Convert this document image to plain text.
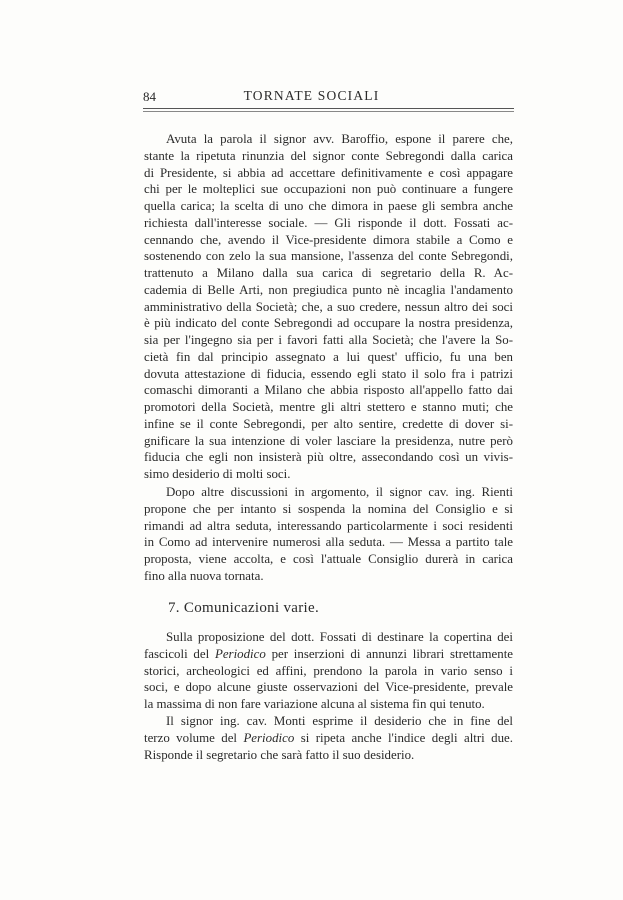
84	TORNATE SOCIALI
7. Comunicazioni varie.
Avuta la parola il signor avv. Baroffio, espone il parere che,
stante la ripetuta rinunzia del signor conte Sebregondi dalla carica
di Presidente, si abbia ad accettare definitivamente e così appagare
chi per le molteplici sue occupazioni non può continuare a fungere
quella carica; la scelta di uno che dimora in paese gli sembra anche
richiesta dall'interesse sociale. — Gli risponde il dott. Fossati ac-
cennando che, avendo il Vice-presidente dimora stabile a Como e
sostenendo con zelo la sua mansione, l'assenza del conte Sebregondi,
trattenuto a Milano dalla sua carica di segretario della R. Ac-
cademia di Belle Arti, non pregiudica punto nè incaglia l'andamento
amministrativo della Società; che, a suo credere, nessun altro dei soci
è più indicato del conte Sebregondi ad occupare la nostra presidenza,
sia per l'ingegno sia per i favori fatti alla Società; che l'avere la So-
cietà fin dal principio assegnato a lui quest' ufficio, fu una ben
dovuta attestazione di fiducia, essendo egli stato il solo fra i patrizi
comaschi dimoranti a Milano che abbia risposto all'appello fatto dai
promotori della Società, mentre gli altri stettero e stanno muti; che
infine se il conte Sebregondi, per alto sentire, credette di dover si-
gnificare la sua intenzione di voler lasciare la presidenza, nutre però
fiducia che egli non insisterà più oltre, assecondando così un vivis-
simo desiderio di molti soci.
Dopo altre discussioni in argomento, il signor cav. ing. Rienti
propone che per intanto si sospenda la nomina del Consiglio e si
rimandi ad altra seduta, interessando particolarmente i soci residenti
in Como ad intervenire numerosi alla seduta. — Messa a partito tale
proposta, viene accolta, e così l'attuale Consiglio durerà in carica
fino alla nuova tornata.
Sulla proposizione del dott. Fossati di destinare la copertina dei
fascicoli del Periodico per inserzioni di annunzi librari strettamente
storici, archeologici ed affini, prendono la parola in vario senso i
soci, e dopo alcune giuste osservazioni del Vice-presidente, prevale
la massima di non fare variazione alcuna al sistema fin qui tenuto.
Il signor ing. cav. Monti esprime il desiderio che in fine del
terzo volume del Periodico si ripeta anche l'indice degli altri due.
Risponde il segretario che sarà fatto il suo desiderio.
